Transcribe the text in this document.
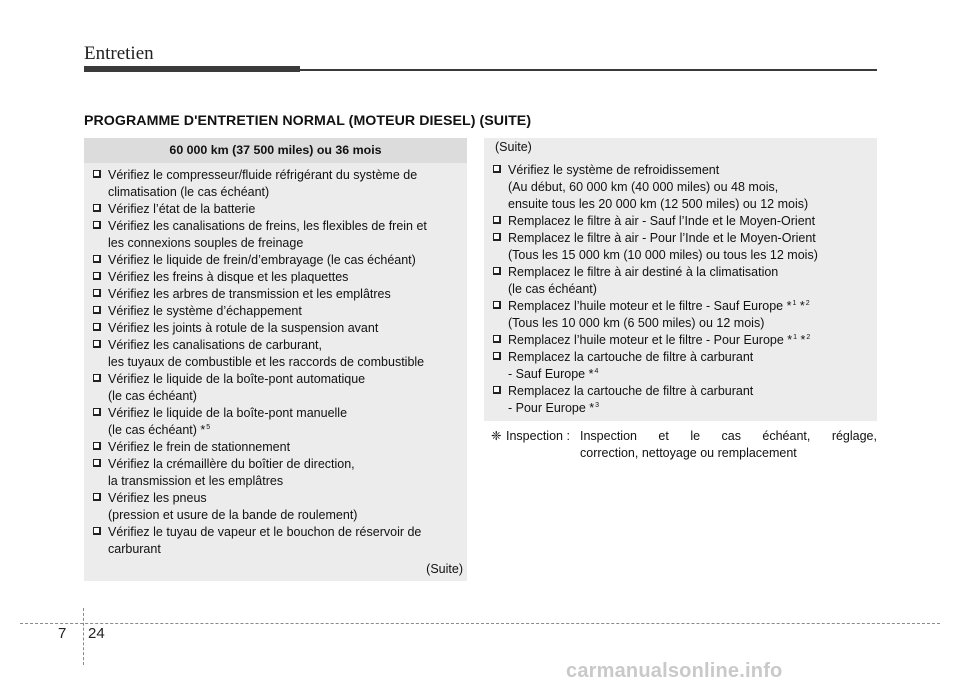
Entretien
PROGRAMME D'ENTRETIEN NORMAL (MOTEUR DIESEL) (SUITE)
60 000 km (37 500 miles) ou 36 mois
Vérifiez le compresseur/fluide réfrigérant du système de
climatisation (le cas échéant)
Vérifiez l’état de la batterie
Vérifiez les canalisations de freins, les flexibles de frein et
les connexions souples de freinage
Vérifiez le liquide de frein/d’embrayage (le cas échéant)
Vérifiez les freins à disque et les plaquettes
Vérifiez les arbres de transmission et les emplâtres
Vérifiez le système d’échappement
Vérifiez les joints à rotule de la suspension avant
Vérifiez les canalisations de carburant,
les tuyaux de combustible et les raccords de combustible
Vérifiez le liquide de la boîte-pont automatique
(le cas échéant)
Vérifiez le liquide de la boîte-pont manuelle
(le cas échéant) *$^5$
Vérifiez le frein de stationnement
Vérifiez la crémaillère du boîtier de direction,
la transmission et les emplâtres
Vérifiez les pneus
(pression et usure de la bande de roulement)
Vérifiez le tuyau de vapeur et le bouchon de réservoir de
carburant
(Suite)
(Suite)
Vérifiez le système de refroidissement
(Au début, 60 000 km (40 000 miles) ou 48 mois,
ensuite tous les 20 000 km (12 500 miles) ou 12 mois)
Remplacez le filtre à air - Sauf l’Inde et le Moyen-Orient
Remplacez le filtre à air - Pour l’Inde et le Moyen-Orient
(Tous les 15 000 km (10 000 miles) ou tous les 12 mois)
Remplacez le filtre à air destiné à la climatisation
(le cas échéant)
Remplacez l’huile moteur et le filtre - Sauf Europe *$^1$ *$^2$
(Tous les 10 000 km (6 500 miles) ou 12 mois)
Remplacez l’huile moteur et le filtre - Pour Europe *$^1$ *$^2$
Remplacez la cartouche de filtre à carburant
- Sauf Europe *$^4$
Remplacez la cartouche de filtre à carburant
- Pour Europe *$^3$
❈ Inspection : Inspection et le cas échéant, réglage,
correction, nettoyage ou remplacement
7 24
carmanualsonline.info
